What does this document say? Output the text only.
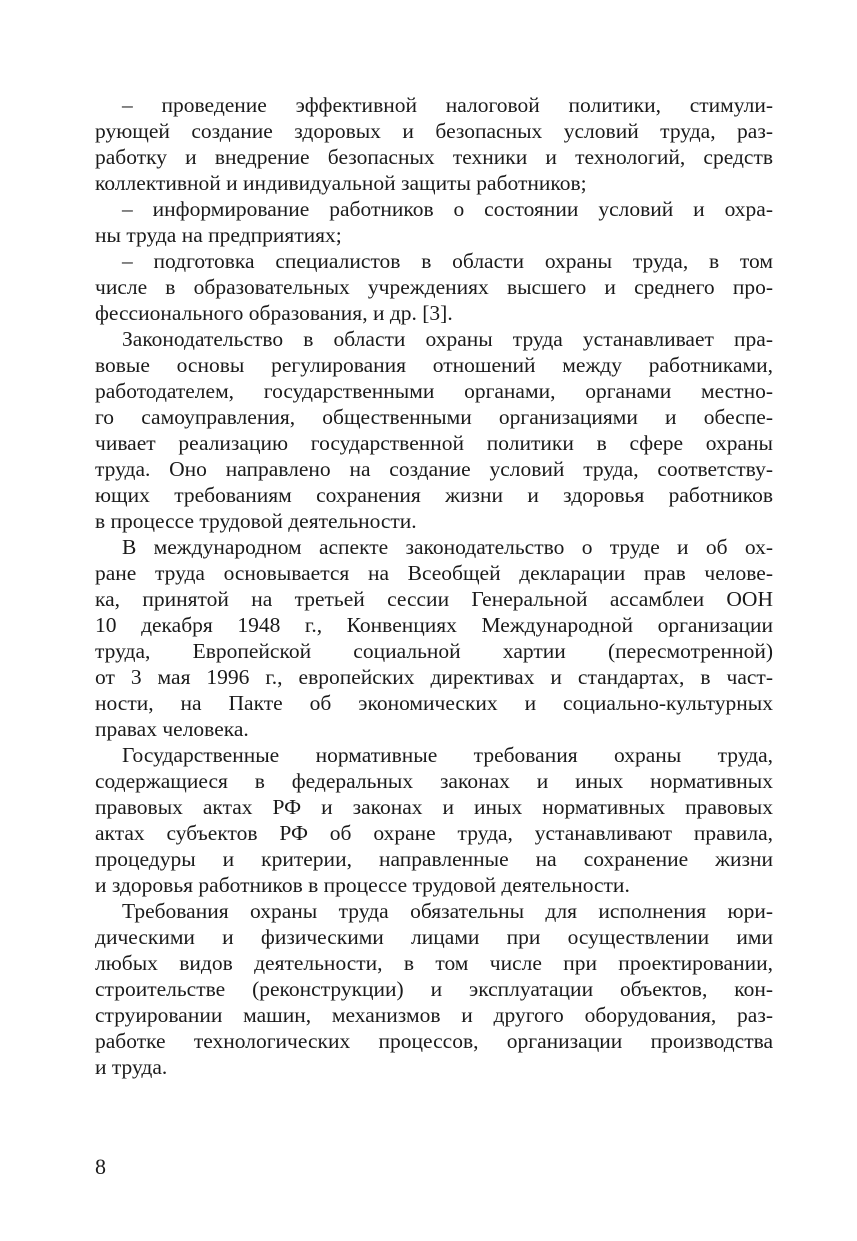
– проведение эффективной налоговой политики, стимули-
рующей создание здоровых и безопасных условий труда, раз-
работку и внедрение безопасных техники и технологий, средств
коллективной и индивидуальной защиты работников;
– информирование работников о состоянии условий и охра-
ны труда на предприятиях;
– подготовка специалистов в области охраны труда, в том
числе в образовательных учреждениях высшего и среднего про-
фессионального образования, и др. [3].
Законодательство в области охраны труда устанавливает пра-
вовые основы регулирования отношений между работниками,
работодателем, государственными органами, органами местно-
го самоуправления, общественными организациями и обеспе-
чивает реализацию государственной политики в сфере охраны
труда. Оно направлено на создание условий труда, соответству-
ющих требованиям сохранения жизни и здоровья работников
в процессе трудовой деятельности.
В международном аспекте законодательство о труде и об ох-
ране труда основывается на Всеобщей декларации прав челове-
ка, принятой на третьей сессии Генеральной ассамблеи ООН
10 декабря 1948 г., Конвенциях Международной организации
труда, Европейской социальной хартии (пересмотренной)
от 3 мая 1996 г., европейских директивах и стандартах, в част-
ности, на Пакте об экономических и социально-культурных
правах человека.
Государственные нормативные требования охраны труда,
содержащиеся в федеральных законах и иных нормативных
правовых актах РФ и законах и иных нормативных правовых
актах субъектов РФ об охране труда, устанавливают правила,
процедуры и критерии, направленные на сохранение жизни
и здоровья работников в процессе трудовой деятельности.
Требования охраны труда обязательны для исполнения юри-
дическими и физическими лицами при осуществлении ими
любых видов деятельности, в том числе при проектировании,
строительстве (реконструкции) и эксплуатации объектов, кон-
струировании машин, механизмов и другого оборудования, раз-
работке технологических процессов, организации производства
и труда.
8
